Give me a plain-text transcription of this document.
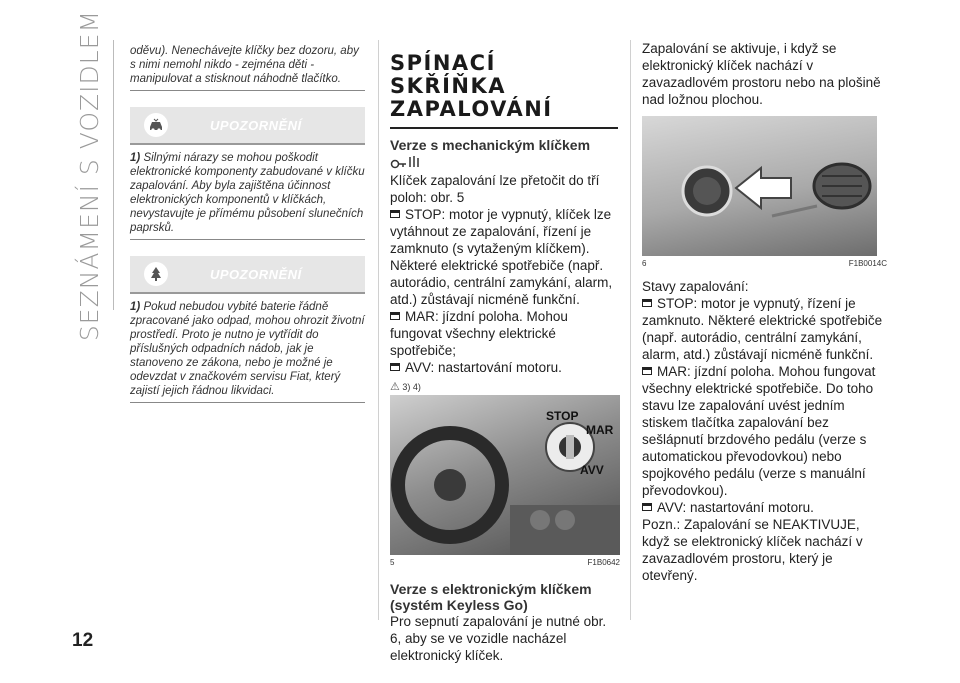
SEZNÁMENÍ S VOZIDLEM
12

oděvu). Nenechávejte klíčky bez dozoru, aby s nimi nemohl nikdo - zejména děti - manipulovat a stisknout náhodně tlačítko.

UPOZORNĚNÍ

1) Silnými nárazy se mohou poškodit elektronické komponenty zabudované v klíčku zapalování. Aby byla zajištěna účinnost elektronických komponentů v klíčkách, nevystavujte je přímému působení slunečních paprsků.

UPOZORNĚNÍ

1) Pokud nebudou vybité baterie řádně zpracované jako odpad, mohou ohrozit životní prostředí. Proto je nutno je vytřídit do příslušných odpadních nádob, jak je stanoveno ze zákona, nebo je možné je odevzdat v značkovém servisu Fiat, který zajistí jejich řádnou likvidaci.

SPÍNACÍ SKŘÍŇKA
ZAPALOVÁNÍ
Verze s mechanickým klíčkem

Klíček zapalování lze přetočit do tří poloh: obr. 5

STOP: motor je vypnutý, klíček lze vytáhnout ze zapalování, řízení je zamknuto (s vytaženým klíčkem). Některé elektrické spotřebiče (např. autorádio, centrální zamykání, alarm, atd.) zůstávají nicméně funkční.

MAR: jízdní poloha. Mohou fungovat všechny elektrické spotřebiče;

AVV: nastartování motoru.

⚠ 3) 4)
STOP
MAR
AVV
5	F1B0642
Verze s elektronickým klíčkem
(systém Keyless Go)

Pro sepnutí zapalování je nutné obr. 6, aby se ve vozidle nacházel elektronický klíček.

Zapalování se aktivuje, i když se elektronický klíček nachází v zavazadlovém prostoru nebo na plošině nad ložnou plochou.

6	F1B0014C

Stavy zapalování:

STOP: motor je vypnutý, řízení je zamknuto. Některé elektrické spotřebiče (např. autorádio, centrální zamykání, alarm, atd.) zůstávají nicméně funkční.

MAR: jízdní poloha. Mohou fungovat všechny elektrické spotřebiče. Do toho stavu lze zapalování uvést jedním stiskem tlačítka zapalování bez sešlápnutí brzdového pedálu (verze s automatickou převodovkou) nebo spojkového pedálu (verze s manuální převodovkou).

AVV: nastartování motoru.

Pozn.: Zapalování se NEAKTIVUJE, když se elektronický klíček nachází v zavazadlovém prostoru, který je otevřený.
